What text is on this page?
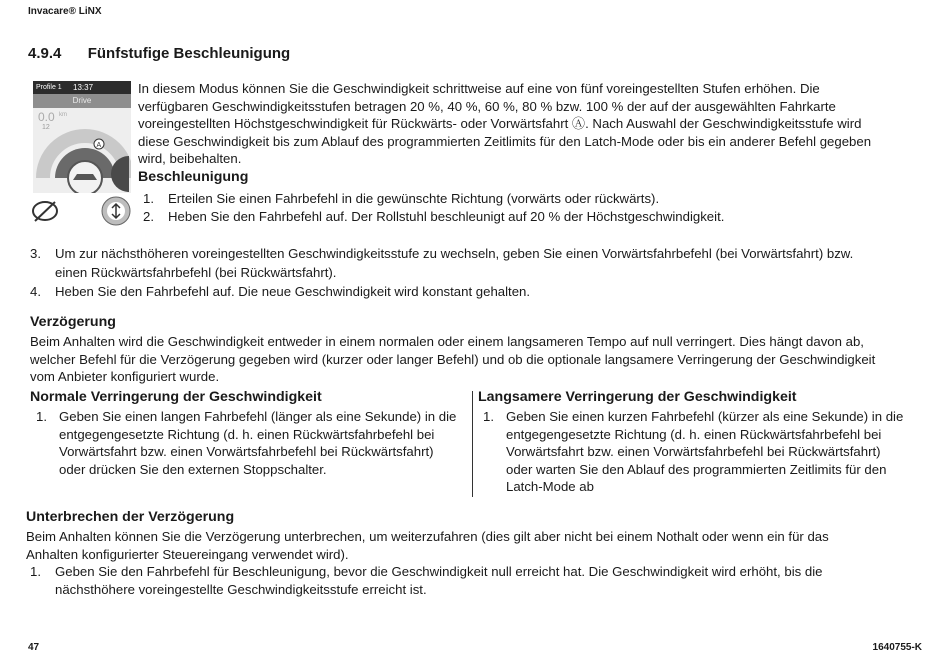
Invacare® LiNX
4.9.4 Fünfstufige Beschleunigung
Profile 1 13:37
Drive
0.0 km
12
A
In diesem Modus können Sie die Geschwindigkeit schrittweise auf eine von fünf voreingestellten Stufen erhöhen. Die
verfügbaren Geschwindigkeitsstufen betragen 20 %, 40 %, 60 %, 80 % bzw. 100 % der auf der ausgewählten Fahrkarte
voreingestellten Höchstgeschwindigkeit für Rückwärts- oder Vorwärtsfahrt Ⓐ. Nach Auswahl der Geschwindigkeitsstufe wird
diese Geschwindigkeit bis zum Ablauf des programmierten Zeitlimits für den Latch-Mode oder bis ein anderer Befehl gegeben
wird, beibehalten.
Beschleunigung
1. Erteilen Sie einen Fahrbefehl in die gewünschte Richtung (vorwärts oder rückwärts).
2. Heben Sie den Fahrbefehl auf. Der Rollstuhl beschleunigt auf 20 % der Höchstgeschwindigkeit.
3. Um zur nächsthöheren voreingestellten Geschwindigkeitsstufe zu wechseln, geben Sie einen Vorwärtsfahrbefehl (bei Vorwärtsfahrt) bzw.
einen Rückwärtsfahrbefehl (bei Rückwärtsfahrt).
4. Heben Sie den Fahrbefehl auf. Die neue Geschwindigkeit wird konstant gehalten.
Verzögerung
Beim Anhalten wird die Geschwindigkeit entweder in einem normalen oder einem langsameren Tempo auf null verringert. Dies hängt davon ab,
welcher Befehl für die Verzögerung gegeben wird (kurzer oder langer Befehl) und ob die optionale langsamere Verringerung der Geschwindigkeit
vom Anbieter konfiguriert wurde.
Normale Verringerung der Geschwindigkeit
1. Geben Sie einen langen Fahrbefehl (länger als eine Sekunde) in die
entgegengesetzte Richtung (d. h. einen Rückwärtsfahrbefehl bei
Vorwärtsfahrt bzw. einen Vorwärtsfahrbefehl bei Rückwärtsfahrt)
oder drücken Sie den externen Stoppschalter.
Langsamere Verringerung der Geschwindigkeit
1. Geben Sie einen kurzen Fahrbefehl (kürzer als eine Sekunde) in die
entgegengesetzte Richtung (d. h. einen Rückwärtsfahrbefehl bei
Vorwärtsfahrt bzw. einen Vorwärtsfahrbefehl bei Rückwärtsfahrt)
oder warten Sie den Ablauf des programmierten Zeitlimits für den
Latch-Mode ab
Unterbrechen der Verzögerung
Beim Anhalten können Sie die Verzögerung unterbrechen, um weiterzufahren (dies gilt aber nicht bei einem Nothalt oder wenn ein für das
Anhalten konfigurierter Steuereingang verwendet wird).
1. Geben Sie den Fahrbefehl für Beschleunigung, bevor die Geschwindigkeit null erreicht hat. Die Geschwindigkeit wird erhöht, bis die
nächsthöhere voreingestellte Geschwindigkeitsstufe erreicht ist.
47	1640755-K
